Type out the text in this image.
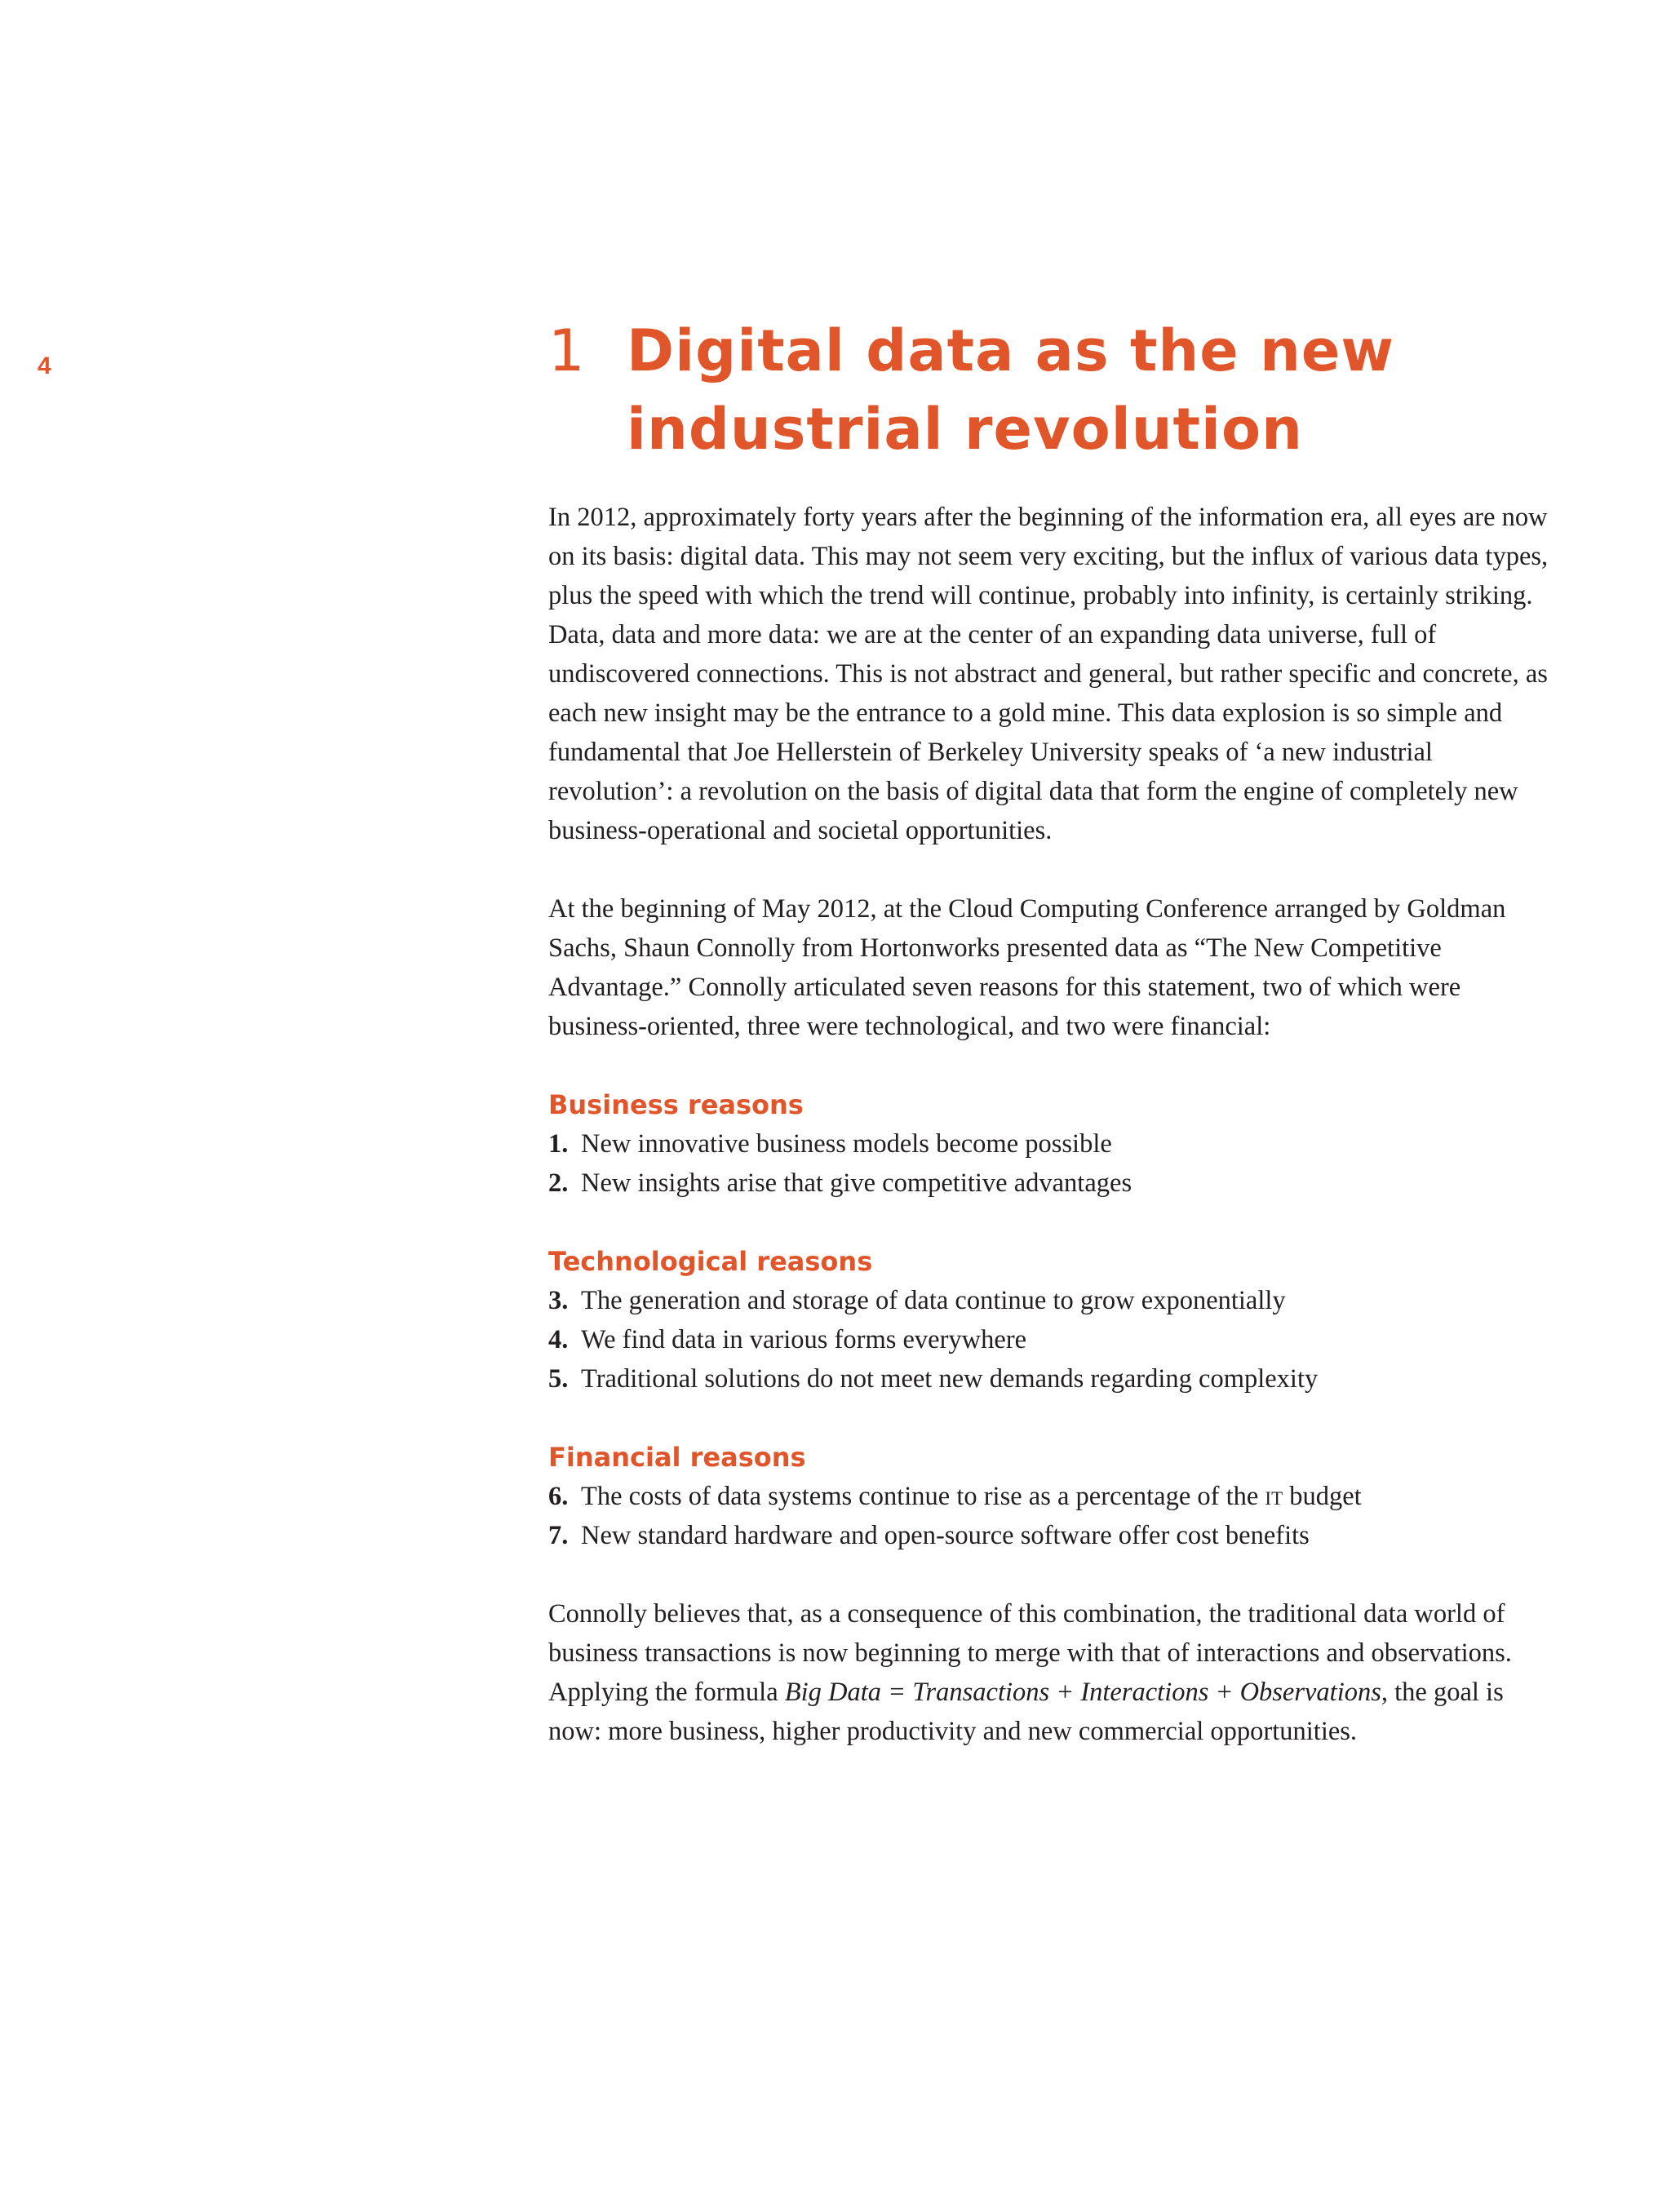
4	1 Digital data as the new industrial revolution

In 2012, approximately forty years after the beginning of the information era, all eyes are now on its basis: digital data. This may not seem very exciting, but the influx of various data types, plus the speed with which the trend will continue, probably into infinity, is certainly striking. Data, data and more data: we are at the center of an expanding data universe, full of undiscovered connections. This is not abstract and general, but rather specific and concrete, as each new insight may be the entrance to a gold mine. This data explosion is so simple and fundamental that Joe Hellerstein of Berkeley University speaks of ‘a new industrial revolution’: a revolution on the basis of digital data that form the engine of completely new business-operational and societal opportunities.

At the beginning of May 2012, at the Cloud Computing Conference arranged by Goldman Sachs, Shaun Connolly from Hortonworks presented data as “The New Competitive Advantage.” Connolly articulated seven reasons for this statement, two of which were business-oriented, three were technological, and two were financial:

Business reasons
1. New innovative business models become possible
2. New insights arise that give competitive advantages
Technological reasons
3. The generation and storage of data continue to grow exponentially
4. We find data in various forms everywhere
5. Traditional solutions do not meet new demands regarding complexity
Financial reasons
6. The costs of data systems continue to rise as a percentage of the it budget
7. New standard hardware and open-source software offer cost benefits

Connolly believes that, as a consequence of this combination, the traditional data world of business transactions is now beginning to merge with that of interactions and observations. Applying the formula Big Data = Transactions + Interactions + Observations, the goal is now: more business, higher productivity and new commercial opportunities.
